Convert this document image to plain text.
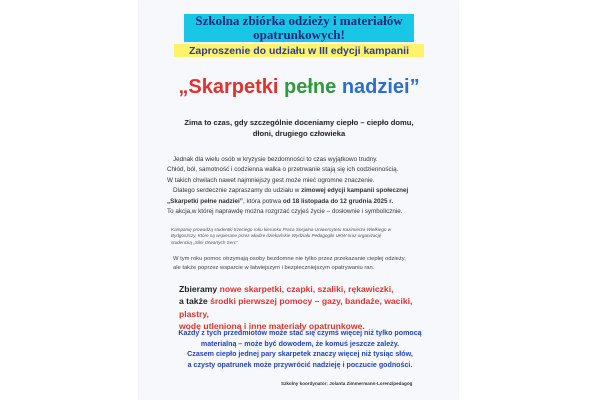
Szkolna zbiórka odzieży i materiałów
opatrunkowych!
Zaproszenie do udziału w III edycji kampanii
„Skarpetki pełne nadziei”
Zima to czas, gdy szczególnie doceniamy ciepło – ciepło domu,
dłoni, drugiego człowieka

Jednak dla wielu osób w kryzysie bezdomności to czas wyjątkowo trudny.

Chłód, ból, samotność i codzienna walka o przetrwanie stają się ich codziennością.

W takich chwilach nawet najmniejszy gest może mieć ogromne znaczenie.

Dlatego serdecznie zapraszamy do udziału w zimowej edycji kampanii społecznej

„Skarpetki pełne nadziei”, która potrwa od 18 listopada do 12 grudnia 2025 r.

To akcja,w której naprawdę można rozgrzać czyjeś życie – dosłownie i symbolicznie.

Kampanię prowadzą studentki trzeciego roku kierunku Praca Socjalna Uniwersytetu Kazimierza Wielkiego w
Bydgoszczy, Które są wspierane przez władze dziekańskie Wydziału Pedagogiki UKW oraz organizację
studencką „Silni Otwartych Serc”.
W tym roku pomoc otrzymają osoby bezdomne nie tylko przez przekazanie ciepłej odzieży,
ale także poprzez wsparcie w łatwiejszym i bezpieczniejszym opatrywaniu ran.
Zbieramy nowe skarpetki, czapki, szaliki, rękawiczki,
a także środki pierwszej pomocy – gazy, bandaże, waciki, plastry,
wodę utlenioną i inne materiały opatrunkowe.
Każdy z tych przedmiotów może stać się czymś więcej niż tylko pomocą
materialną – może być dowodem, że komuś jeszcze zależy.
Czasem ciepło jednej pary skarpetek znaczy więcej niż tysiąc słów,
a czysty opatrunek może przywrócić nadzieję i poczucie godności.
Szkolny koordynator: Jolanta Zimmermann-Lorenz/pedagog
